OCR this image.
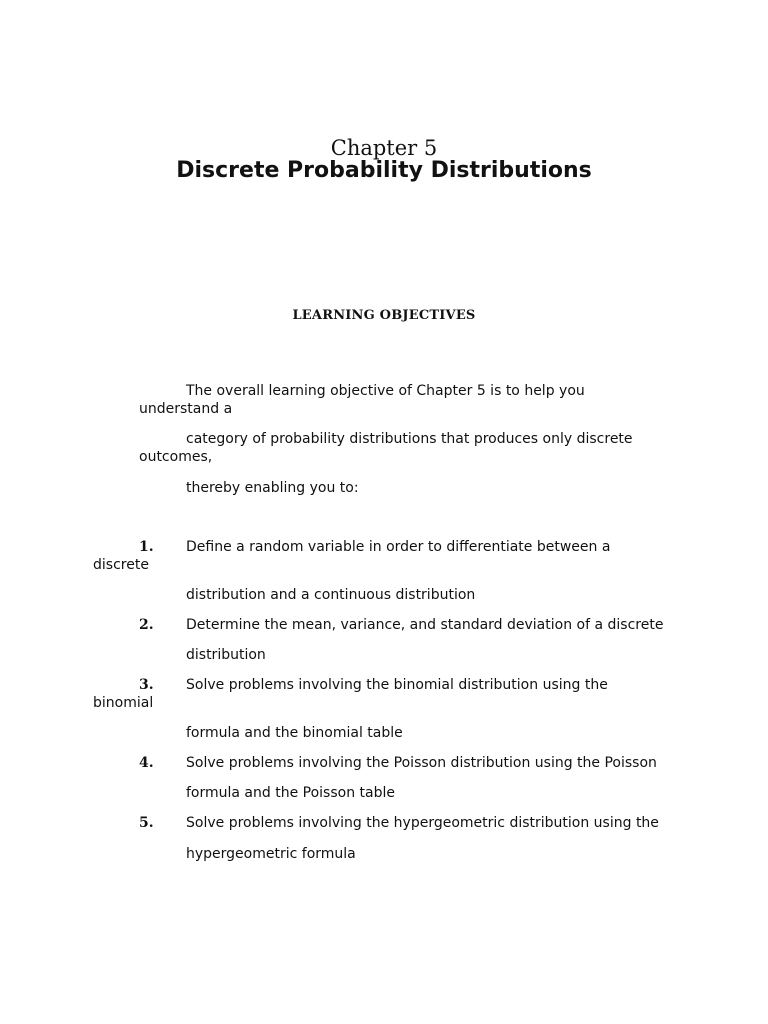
Chapter 5
Discrete Probability Distributions
LEARNING OBJECTIVES
The overall learning objective of Chapter 5 is to help you
understand a
category of probability distributions that produces only discrete
outcomes,
thereby enabling you to:
1. Define a random variable in order to differentiate between a
discrete
distribution and a continuous distribution
2. Determine the mean, variance, and standard deviation of a discrete
distribution
3. Solve problems involving the binomial distribution using the
binomial
formula and the binomial table
4. Solve problems involving the Poisson distribution using the Poisson
formula and the Poisson table
5. Solve problems involving the hypergeometric distribution using the
hypergeometric formula
